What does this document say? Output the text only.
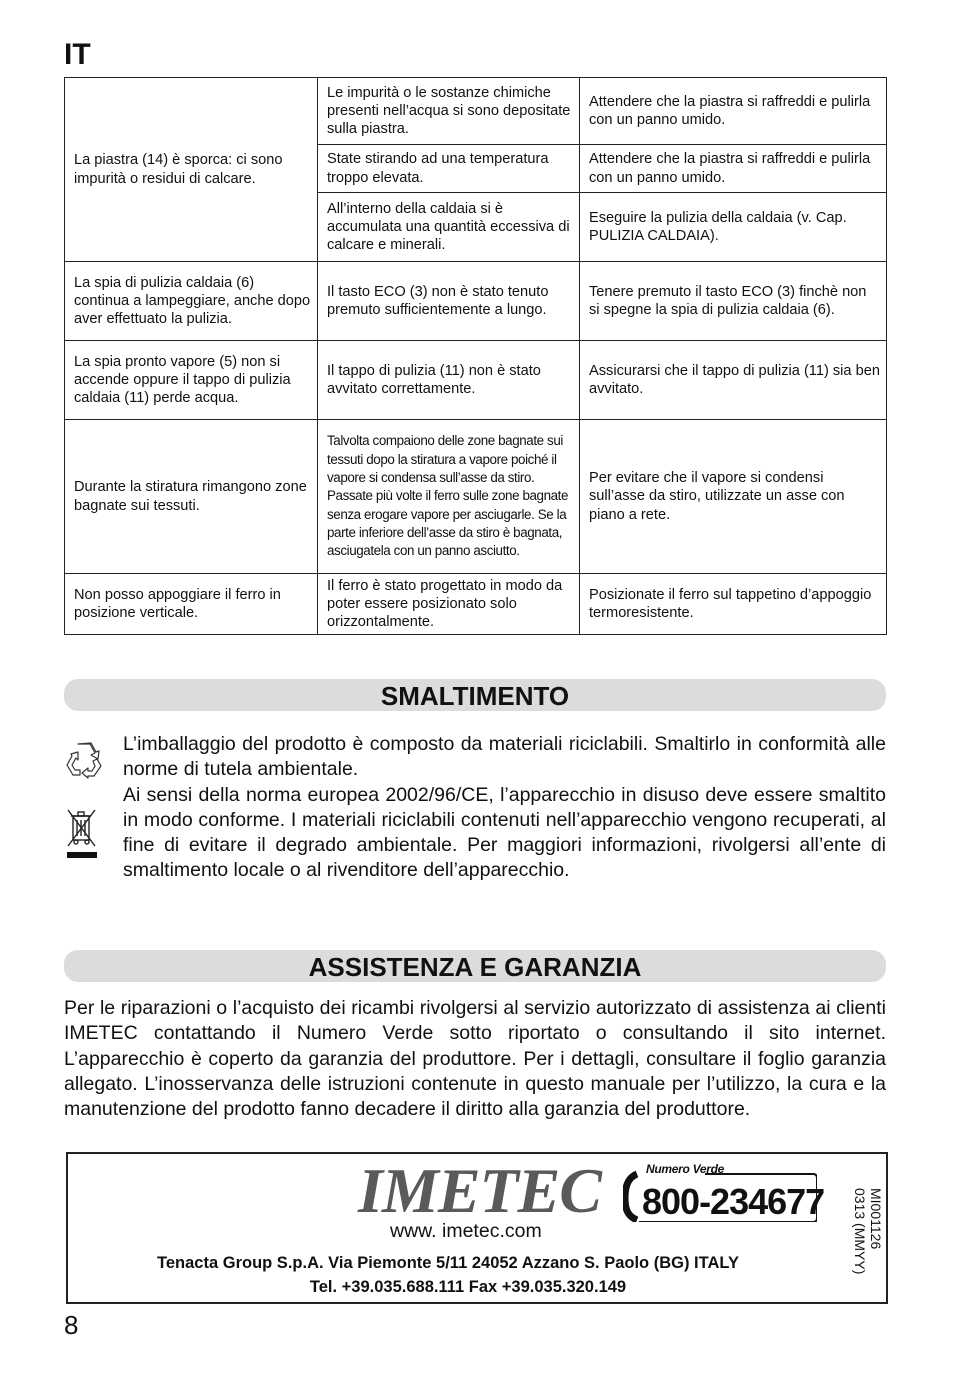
IT
La piastra (14) è sporca: ci sono impurità o residui di calcare.	Le impurità o le sostanze chimiche presenti nell’acqua si sono depositate sulla piastra.	Attendere che la piastra si raffreddi e pulirla con un panno umido.
	State stirando ad una temperatura troppo elevata.	Attendere che la piastra si raffreddi e pulirla con un panno umido.
	All’interno della caldaia si è accumulata una quantità eccessiva di calcare e minerali.	Eseguire la pulizia della caldaia (v. Cap. PULIZIA CALDAIA).
La spia di pulizia caldaia (6) continua a lampeggiare, anche dopo aver effettuato la pulizia.	Il tasto ECO (3) non è stato tenuto premuto sufficientemente a lungo.	Tenere premuto il tasto ECO (3) finchè non si spegne la spia di pulizia caldaia (6).
La spia pronto vapore (5) non si accende oppure il tappo di pulizia caldaia (11) perde acqua.	Il tappo di pulizia (11) non è stato avvitato correttamente.	Assicurarsi che il tappo di pulizia (11) sia ben avvitato.
Durante la stiratura rimangono zone bagnate sui tessuti.	Talvolta compaiono delle zone bagnate sui tessuti dopo la stiratura a vapore poiché il vapore si condensa sull’asse da stiro. Passate più volte il ferro sulle zone bagnate senza erogare vapore per asciugarle. Se la parte inferiore dell’asse da stiro è bagnata, asciugatela con un panno asciutto.	Per evitare che il vapore si condensi sull’asse da stiro, utilizzate un asse con piano a rete.
Non posso appoggiare il ferro in posizione verticale.	Il ferro è stato progettato in modo da poter essere posizionato solo orizzontalmente.	Posizionate il ferro sul tappetino d’appoggio termoresistente.
SMALTIMENTO

L’imballaggio del prodotto è composto da materiali riciclabili. Smaltirlo in conformità alle norme di tutela ambientale.

Ai sensi della norma europea 2002/96/CE, l’apparecchio in disuso deve essere smaltito in modo conforme. I materiali riciclabili contenuti nell’apparecchio vengono recuperati, al fine di evitare il degrado ambientale. Per maggiori informazioni, rivolgersi all’ente di smaltimento locale o al rivenditore dell’apparecchio.

ASSISTENZA E GARANZIA

Per le riparazioni o l’acquisto dei ricambi rivolgersi al servizio autorizzato di assistenza ai clienti IMETEC contattando il Numero Verde sotto riportato o consultando il sito internet. L’apparecchio è coperto da garanzia del produttore. Per i dettagli, consultare il foglio garanzia allegato. L’inosservanza delle istruzioni contenute in questo manuale per l’utilizzo, la cura e la manutenzione del prodotto fanno decadere il diritto alla garanzia del produttore.

IMETEC
www. imetec.com
Numero Verde
800-234677	MI001126
0313 (MMYY)
Tenacta Group S.p.A. Via Piemonte 5/11 24052 Azzano S. Paolo (BG) ITALY
Tel. +39.035.688.111 Fax +39.035.320.149
8
